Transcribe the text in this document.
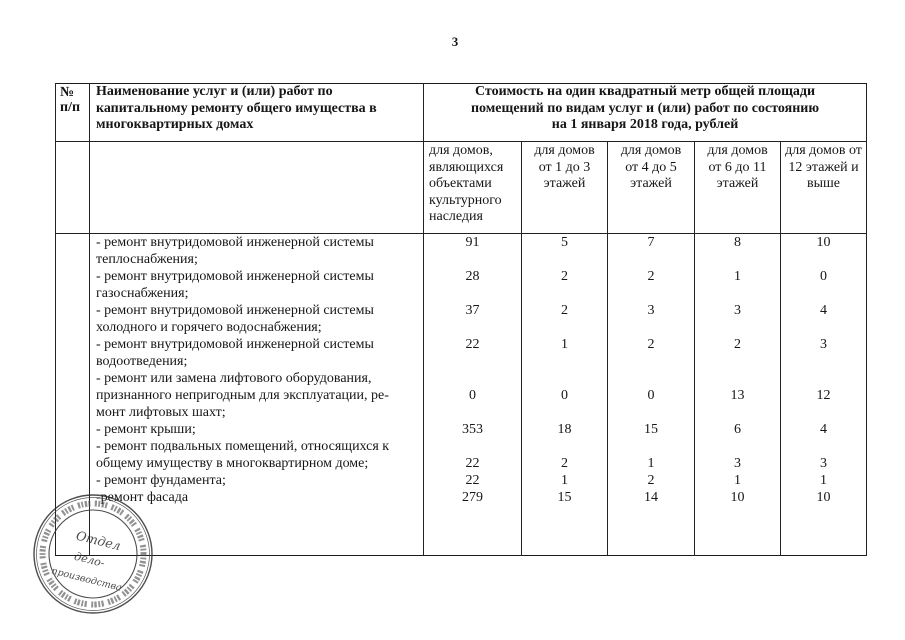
3
№
п/п	Наименование услуг и (или) работ по
капитальному ремонту общего имущества в
многоквартирных домах	Стоимость на один квадратный метр общей площади
помещений по видам услуг и (или) работ по состоянию
на 1 января 2018 года, рублей				

		для домов,
являющихся
объектами
культурного
наследия	для домов
от 1 до 3
этажей	для домов
от 4 до 5
этажей	для домов
от 6 до 11
этажей	для домов от
12 этажей и
выше

	- ремонт внутридомовой инженерной системы
теплоснабжения;	91	5	7	8	10

	- ремонт внутридомовой инженерной системы
газоснабжения;	28	2	2	1	0

	- ремонт внутридомовой инженерной системы
холодного и горячего водоснабжения;	37	2	3	3	4

	- ремонт внутридомовой инженерной системы
водоотведения;	22	1	2	2	3

	- ремонт или замена лифтового оборудования,
признанного непригодным для эксплуатации, ре-
монт лифтовых шахт;	0	0	0	13	12

	- ремонт крыши;	353	18	15	6	4

	- ремонт подвальных помещений, относящихся к
общему имуществу в многоквартирном доме;	22	2	1	3	3

	- ремонт фундамента;	22	1	2	1	1

	-ремонт фасада	279	15	14	10	10

Отдел
дело-
производства
